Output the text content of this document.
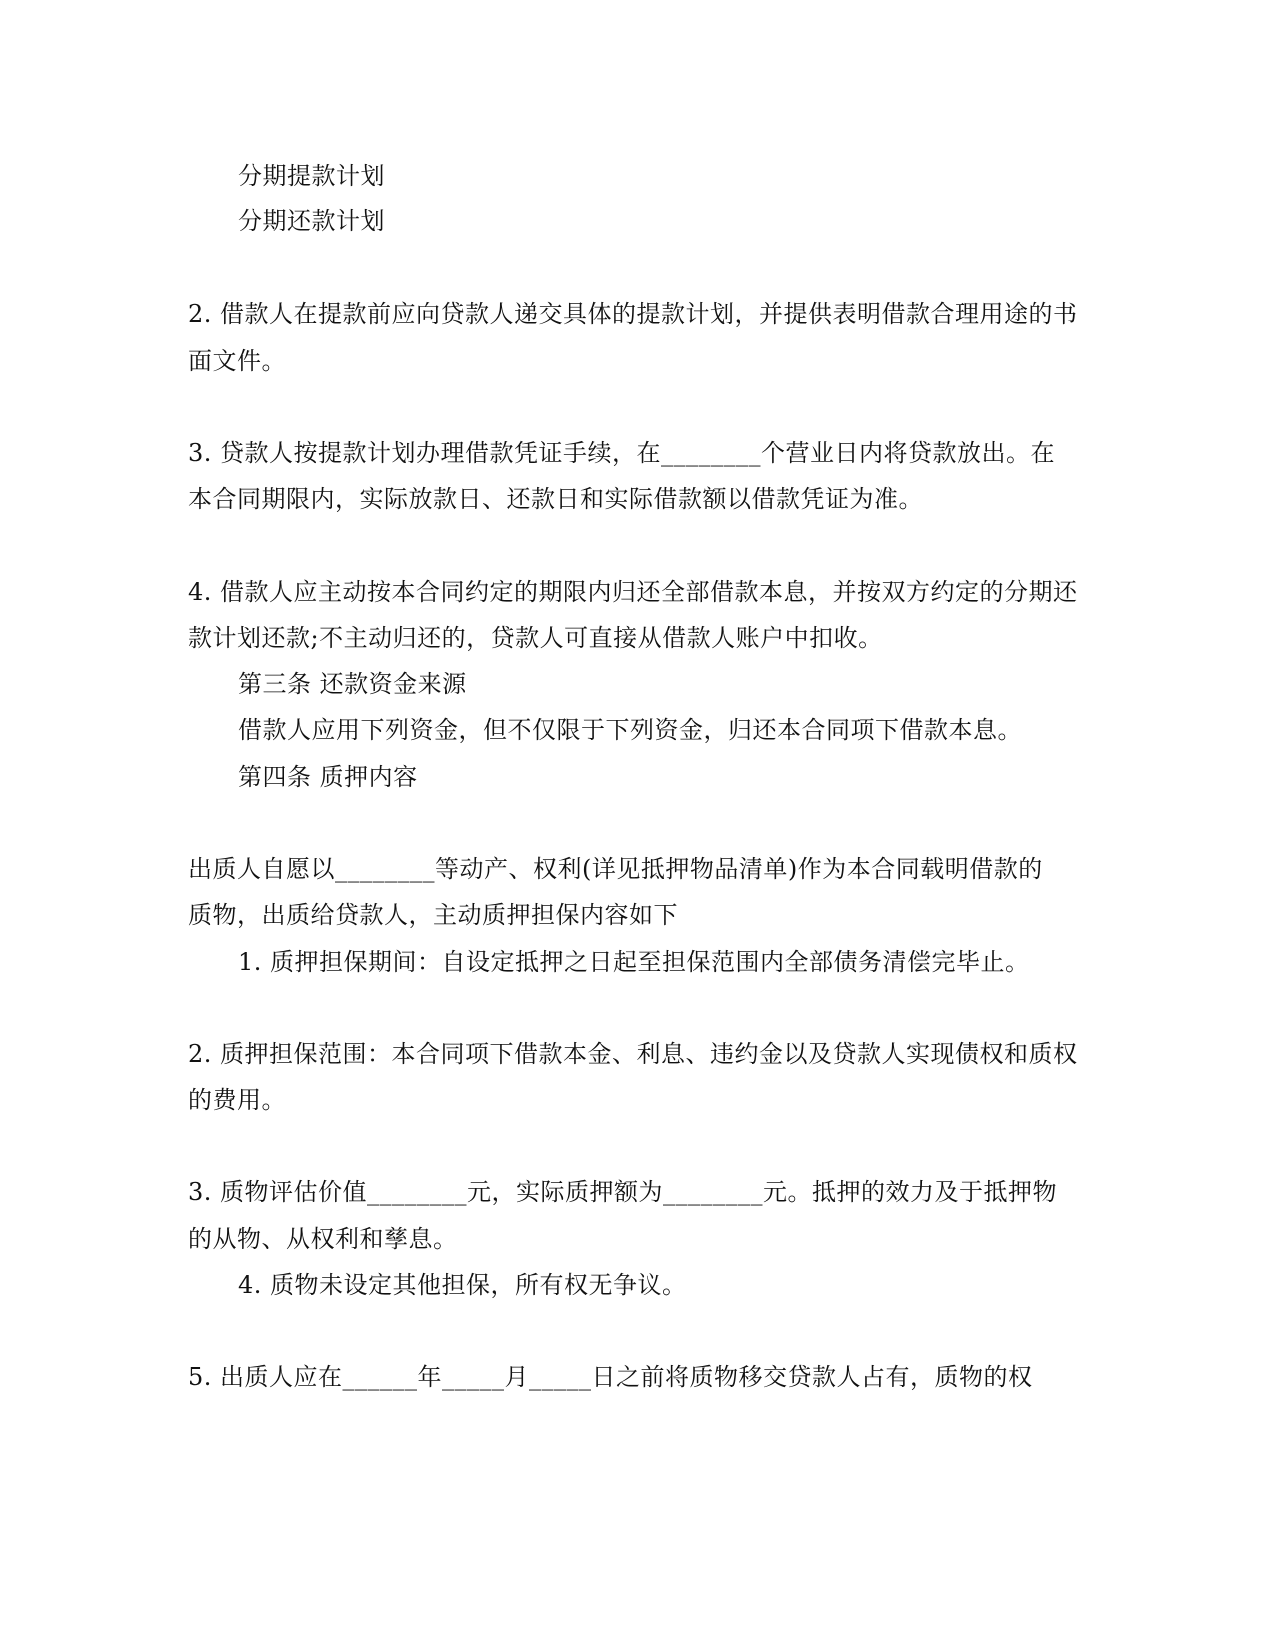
分期提款计划
分期还款计划
2. 借款人在提款前应向贷款人递交具体的提款计划，并提供表明借款合理用途的书
面文件。
3. 贷款人按提款计划办理借款凭证手续，在________个营业日内将贷款放出。在
本合同期限内，实际放款日、还款日和实际借款额以借款凭证为准。
4. 借款人应主动按本合同约定的期限内归还全部借款本息，并按双方约定的分期还
款计划还款;不主动归还的，贷款人可直接从借款人账户中扣收。
第三条 还款资金来源
借款人应用下列资金，但不仅限于下列资金，归还本合同项下借款本息。
第四条 质押内容
出质人自愿以________等动产、权利(详见抵押物品清单)作为本合同载明借款的
质物，出质给贷款人，主动质押担保内容如下
1. 质押担保期间：自设定抵押之日起至担保范围内全部债务清偿完毕止。
2. 质押担保范围：本合同项下借款本金、利息、违约金以及贷款人实现债权和质权
的费用。
3. 质物评估价值________元，实际质押额为________元。抵押的效力及于抵押物
的从物、从权利和孳息。
4. 质物未设定其他担保，所有权无争议。
5. 出质人应在______年_____月_____日之前将质物移交贷款人占有，质物的权
